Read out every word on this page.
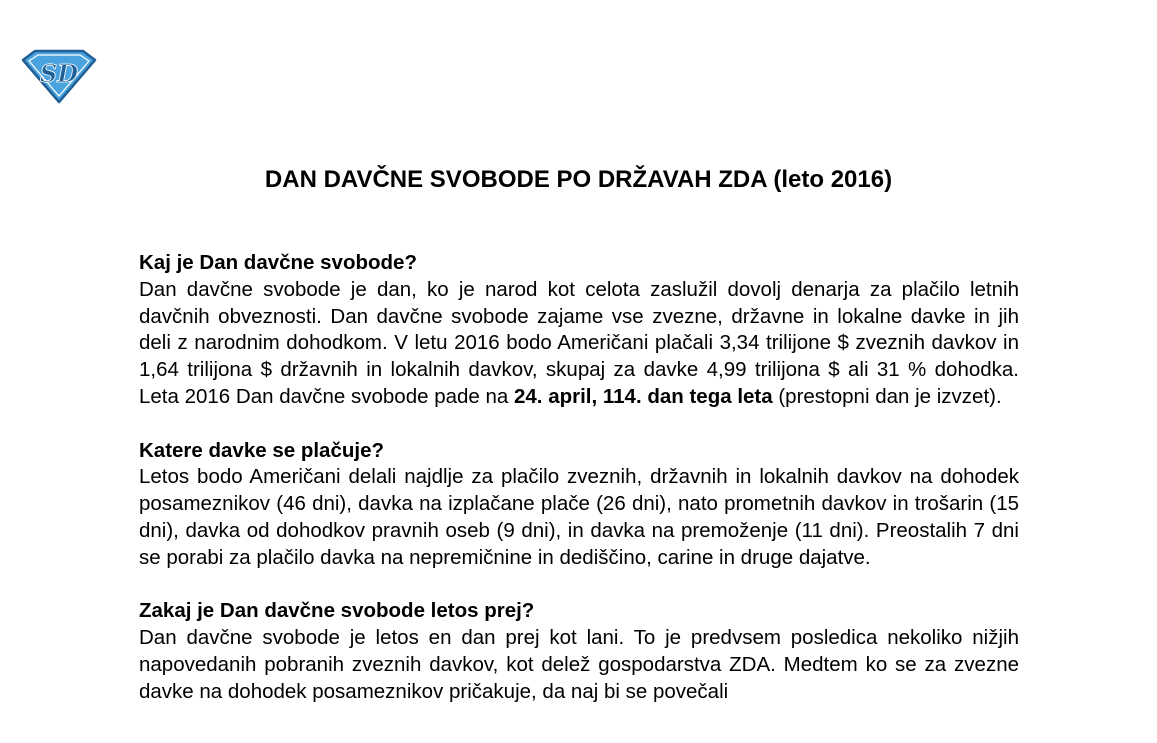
SD
DAN DAVČNE SVOBODE PO DRŽAVAH ZDA (leto 2016)
Kaj je Dan davčne svobode?
Dan davčne svobode je dan, ko je narod kot celota zaslužil dovolj denarja za plačilo letnih davčnih obveznosti. Dan davčne svobode zajame vse zvezne, državne in lokalne davke in jih deli z narodnim dohodkom. V letu 2016 bodo Američani plačali 3,34 trilijone $ zveznih davkov in 1,64 trilijona $ državnih in lokalnih davkov, skupaj za davke 4,99 trilijona $ ali 31 % dohodka. Leta 2016 Dan davčne svobode pade na 24. april, 114. dan tega leta (prestopni dan je izvzet).
Katere davke se plačuje?
Letos bodo Američani delali najdlje za plačilo zveznih, državnih in lokalnih davkov na dohodek posameznikov (46 dni), davka na izplačane plače (26 dni), nato prometnih davkov in trošarin (15 dni), davka od dohodkov pravnih oseb (9 dni), in davka na premoženje (11 dni). Preostalih 7 dni se porabi za plačilo davka na nepremičnine in dediščino, carine in druge dajatve.
Zakaj je Dan davčne svobode letos prej?
Dan davčne svobode je letos en dan prej kot lani. To je predvsem posledica nekoliko nižjih napovedanih pobranih zveznih davkov, kot delež gospodarstva ZDA. Medtem ko se za zvezne davke na dohodek posameznikov pričakuje, da naj bi se povečali
